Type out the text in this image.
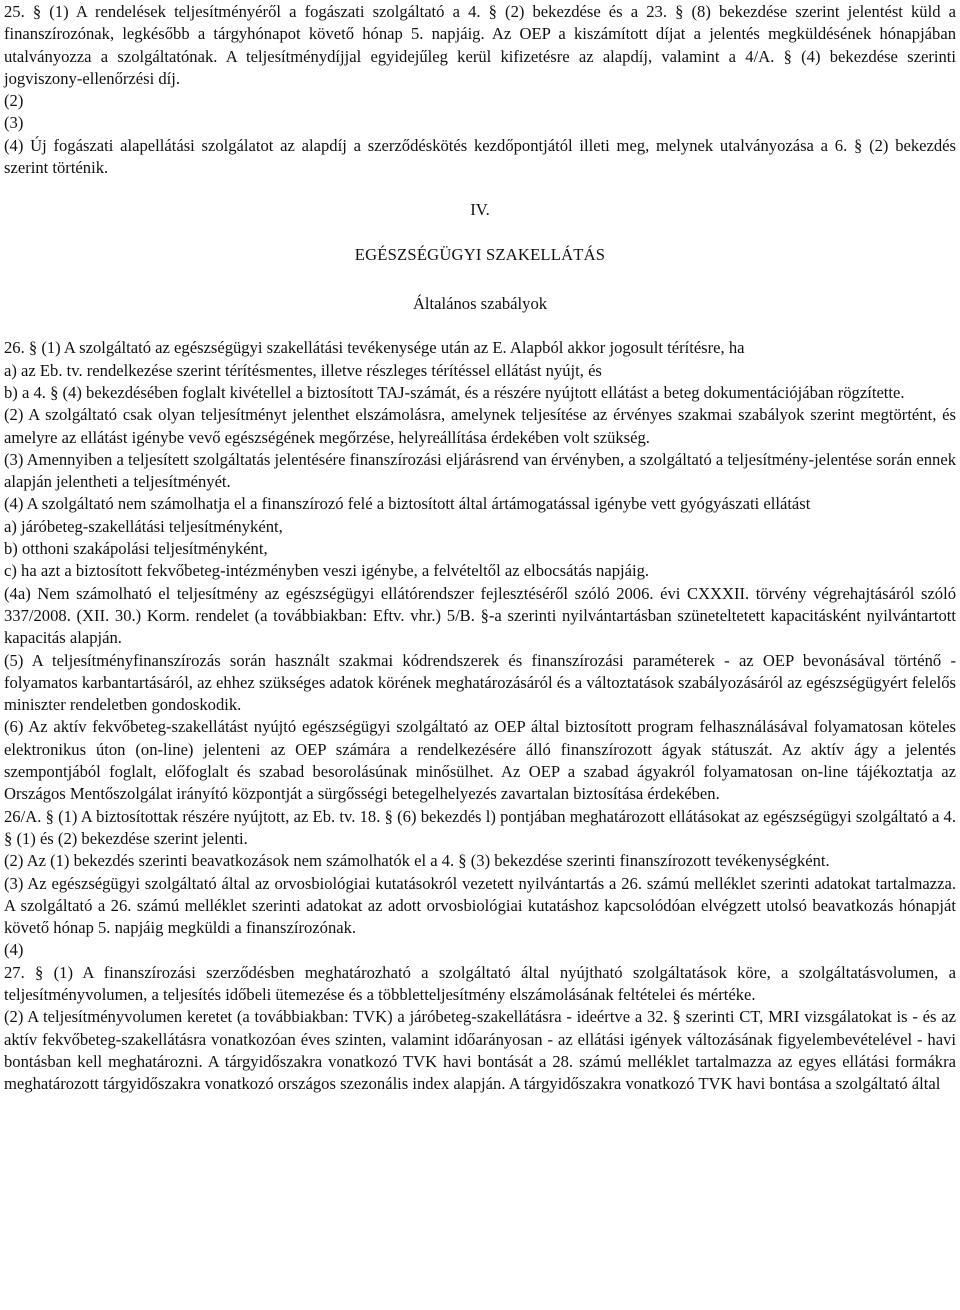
25. § (1) A rendelések teljesítményéről a fogászati szolgáltató a 4. § (2) bekezdése és a 23. § (8) bekezdése szerint jelentést küld a finanszírozónak, legkésőbb a tárgyhónapot követő hónap 5. napjáig. Az OEP a kiszámított díjat a jelentés megküldésének hónapjában utalványozza a szolgáltatónak. A teljesítménydíjjal egyidejűleg kerül kifizetésre az alapdíj, valamint a 4/A. § (4) bekezdése szerinti jogviszony-ellenőrzési díj.

(2)

(3)

(4) Új fogászati alapellátási szolgálatot az alapdíj a szerződéskötés kezdőpontjától illeti meg, melynek utalványozása a 6. § (2) bekezdés szerint történik.

IV.

EGÉSZSÉGÜGYI SZAKELLÁTÁS

Általános szabályok

26. § (1) A szolgáltató az egészségügyi szakellátási tevékenysége után az E. Alapból akkor jogosult térítésre, ha

a) az Eb. tv. rendelkezése szerint térítésmentes, illetve részleges térítéssel ellátást nyújt, és

b) a 4. § (4) bekezdésében foglalt kivétellel a biztosított TAJ-számát, és a részére nyújtott ellátást a beteg dokumentációjában rögzítette.

(2) A szolgáltató csak olyan teljesítményt jelenthet elszámolásra, amelynek teljesítése az érvényes szakmai szabályok szerint megtörtént, és amelyre az ellátást igénybe vevő egészségének megőrzése, helyreállítása érdekében volt szükség.

(3) Amennyiben a teljesített szolgáltatás jelentésére finanszírozási eljárásrend van érvényben, a szolgáltató a teljesítmény-jelentése során ennek alapján jelentheti a teljesítményét.

(4) A szolgáltató nem számolhatja el a finanszírozó felé a biztosított által ártámogatással igénybe vett gyógyászati ellátást

a) járóbeteg-szakellátási teljesítményként,

b) otthoni szakápolási teljesítményként,

c) ha azt a biztosított fekvőbeteg-intézményben veszi igénybe, a felvételtől az elbocsátás napjáig.

(4a) Nem számolható el teljesítmény az egészségügyi ellátórendszer fejlesztéséről szóló 2006. évi CXXXII. törvény végrehajtásáról szóló 337/2008. (XII. 30.) Korm. rendelet (a továbbiakban: Eftv. vhr.) 5/B. §-a szerinti nyilvántartásban szüneteltetett kapacitásként nyilvántartott kapacitás alapján.

(5) A teljesítményfinanszírozás során használt szakmai kódrendszerek és finanszírozási paraméterek - az OEP bevonásával történő - folyamatos karbantartásáról, az ehhez szükséges adatok körének meghatározásáról és a változtatások szabályozásáról az egészségügyért felelős miniszter rendeletben gondoskodik.

(6) Az aktív fekvőbeteg-szakellátást nyújtó egészségügyi szolgáltató az OEP által biztosított program felhasználásával folyamatosan köteles elektronikus úton (on-line) jelenteni az OEP számára a rendelkezésére álló finanszírozott ágyak státuszát. Az aktív ágy a jelentés szempontjából foglalt, előfoglalt és szabad besorolásúnak minősülhet. Az OEP a szabad ágyakról folyamatosan on-line tájékoztatja az Országos Mentőszolgálat irányító központját a sürgősségi betegelhelyezés zavartalan biztosítása érdekében.

26/A. § (1) A biztosítottak részére nyújtott, az Eb. tv. 18. § (6) bekezdés l) pontjában meghatározott ellátásokat az egészségügyi szolgáltató a 4. § (1) és (2) bekezdése szerint jelenti.

(2) Az (1) bekezdés szerinti beavatkozások nem számolhatók el a 4. § (3) bekezdése szerinti finanszírozott tevékenységként.

(3) Az egészségügyi szolgáltató által az orvosbiológiai kutatásokról vezetett nyilvántartás a 26. számú melléklet szerinti adatokat tartalmazza. A szolgáltató a 26. számú melléklet szerinti adatokat az adott orvosbiológiai kutatáshoz kapcsolódóan elvégzett utolsó beavatkozás hónapját követő hónap 5. napjáig megküldi a finanszírozónak.

(4)

27. § (1) A finanszírozási szerződésben meghatározható a szolgáltató által nyújtható szolgáltatások köre, a szolgáltatásvolumen, a teljesítményvolumen, a teljesítés időbeli ütemezése és a többletteljesítmény elszámolásának feltételei és mértéke.

(2) A teljesítményvolumen keretet (a továbbiakban: TVK) a járóbeteg-szakellátásra - ideértve a 32. § szerinti CT, MRI vizsgálatokat is - és az aktív fekvőbeteg-szakellátásra vonatkozóan éves szinten, valamint időarányosan - az ellátási igények változásának figyelembevételével - havi bontásban kell meghatározni. A tárgyidőszakra vonatkozó TVK havi bontását a 28. számú melléklet tartalmazza az egyes ellátási formákra meghatározott tárgyidőszakra vonatkozó országos szezonális index alapján. A tárgyidőszakra vonatkozó TVK havi bontása a szolgáltató által
